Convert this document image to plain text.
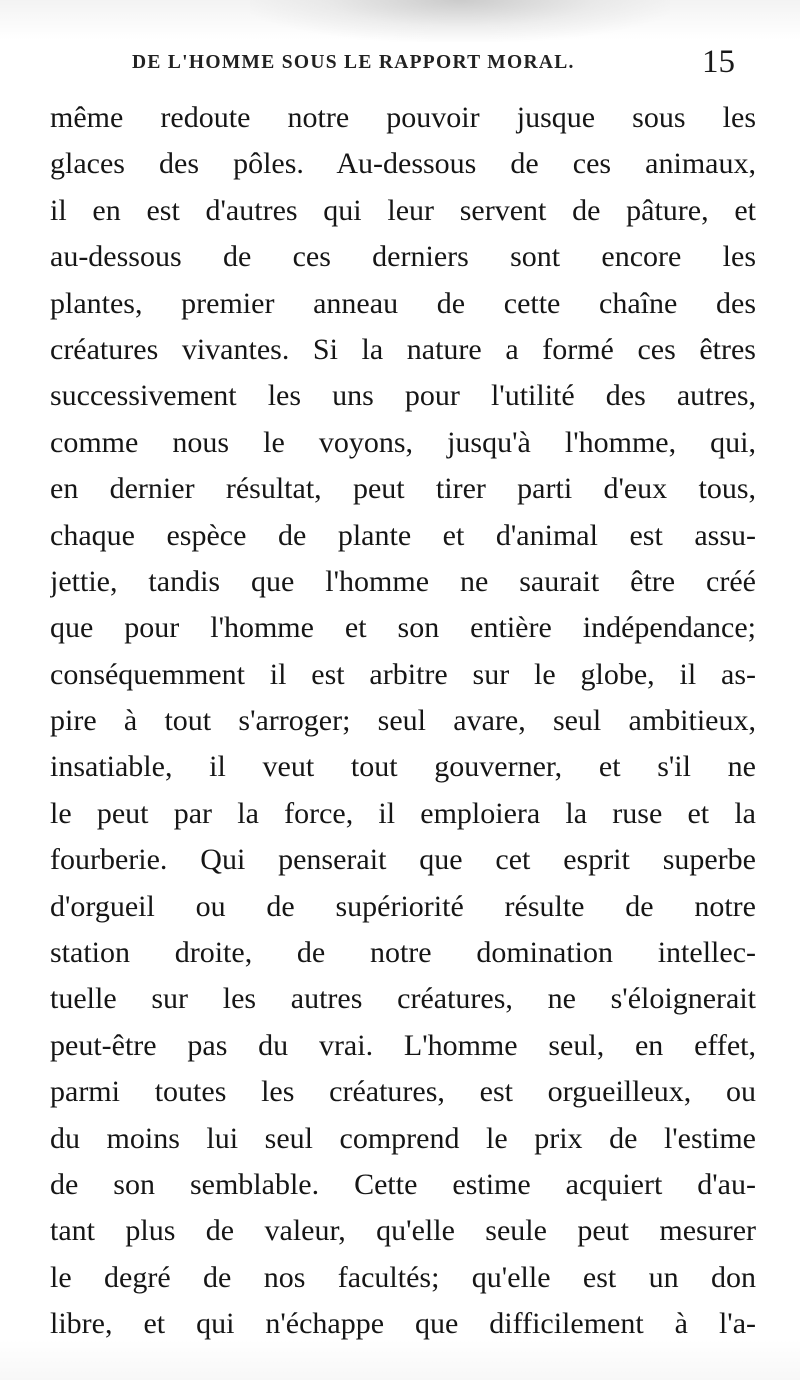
DE L'HOMME SOUS LE RAPPORT MORAL.	15
même redoute notre pouvoir jusque sous les
glaces des pôles. Au-dessous de ces animaux,
il en est d'autres qui leur servent de pâture, et
au-dessous de ces derniers sont encore les
plantes, premier anneau de cette chaîne des
créatures vivantes. Si la nature a formé ces êtres
successivement les uns pour l'utilité des autres,
comme nous le voyons, jusqu'à l'homme, qui,
en dernier résultat, peut tirer parti d'eux tous,
chaque espèce de plante et d'animal est assu-
jettie, tandis que l'homme ne saurait être créé
que pour l'homme et son entière indépendance;
conséquemment il est arbitre sur le globe, il as-
pire à tout s'arroger; seul avare, seul ambitieux,
insatiable, il veut tout gouverner, et s'il ne
le peut par la force, il emploiera la ruse et la
fourberie. Qui penserait que cet esprit superbe
d'orgueil ou de supériorité résulte de notre
station droite, de notre domination intellec-
tuelle sur les autres créatures, ne s'éloignerait
peut-être pas du vrai. L'homme seul, en effet,
parmi toutes les créatures, est orgueilleux, ou
du moins lui seul comprend le prix de l'estime
de son semblable. Cette estime acquiert d'au-
tant plus de valeur, qu'elle seule peut mesurer
le degré de nos facultés; qu'elle est un don
libre, et qui n'échappe que difficilement à l'a-
